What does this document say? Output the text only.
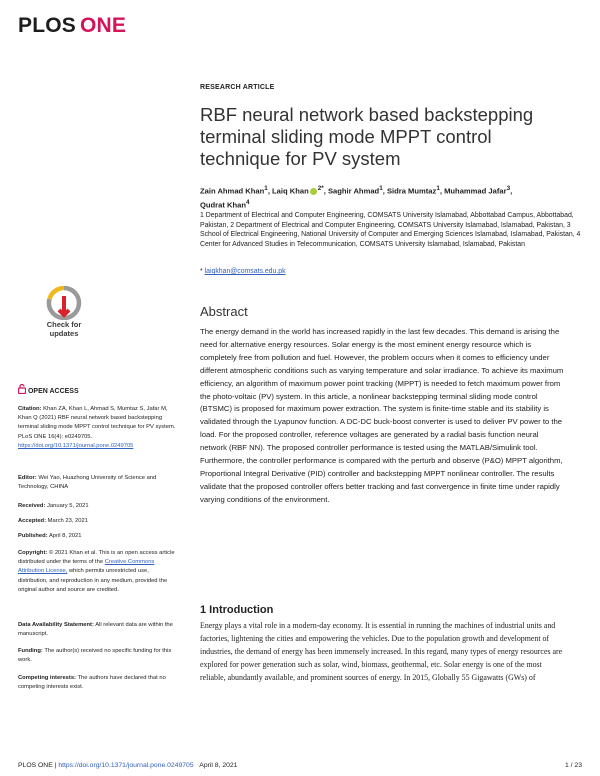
PLOS ONE
RESEARCH ARTICLE
RBF neural network based backstepping terminal sliding mode MPPT control technique for PV system
Zain Ahmad Khan$^1$, Laiq Khan $^{2*}$, Saghir Ahmad$^1$, Sidra Mumtaz$^1$, Muhammad Jafar$^3$,
Qudrat Khan$^4$
1 Department of Electrical and Computer Engineering, COMSATS University Islamabad, Abbottabad Campus, Abbottabad, Pakistan, 2 Department of Electrical and Computer Engineering, COMSATS University Islamabad, Islamabad, Pakistan, 3 School of Electrical Engineering, National University of Computer and Emerging Sciences Islamabad, Islamabad, Pakistan, 4 Center for Advanced Studies in Telecommunication, COMSATS University Islamabad, Islamabad, Pakistan
* laiqkhan@comsats.edu.pk
Check for
updates
OPEN ACCESS
Citation: Khan ZA, Khan L, Ahmad S, Mumtaz S, Jafar M, Khan Q (2021) RBF neural network based backstepping terminal sliding mode MPPT control technique for PV system. PLoS ONE 16(4): e0249705. https://doi.org/10.1371/journal.pone.0249705
Editor: Wei Yao, Huazhong University of Science and Technology, CHINA
Received: January 5, 2021
Accepted: March 23, 2021
Published: April 8, 2021
Copyright: © 2021 Khan et al. This is an open access article distributed under the terms of the Creative Commons Attribution License, which permits unrestricted use, distribution, and reproduction in any medium, provided the original author and source are credited.
Data Availability Statement: All relevant data are within the manuscript.
Funding: The author(s) received no specific funding for this work.
Competing interests: The authors have declared that no competing interests exist.
Abstract

The energy demand in the world has increased rapidly in the last few decades. This demand is arising the need for alternative energy resources. Solar energy is the most eminent energy resource which is completely free from pollution and fuel. However, the problem occurs when it comes to efficiency under different atmospheric conditions such as varying temperature and solar irradiance. To achieve its maximum efficiency, an algorithm of maximum power point tracking (MPPT) is needed to fetch maximum power from the photo-voltaic (PV) system. In this article, a nonlinear backstepping terminal sliding mode control (BTSMC) is proposed for maximum power extraction. The system is finite-time stable and its stability is validated through the Lyapunov function. A DC-DC buck-boost converter is used to deliver PV power to the load. For the proposed controller, reference voltages are generated by a radial basis function neural network (RBF NN). The proposed controller performance is tested using the MATLAB/Simulink tool. Furthermore, the controller performance is compared with the perturb and observe (P&O) MPPT algorithm, Proportional Integral Derivative (PID) controller and backstepping MPPT nonlinear controller. The results validate that the proposed controller offers better tracking and fast convergence in finite time under rapidly varying conditions of the environment.

1 Introduction

Energy plays a vital role in a modern-day economy. It is essential in running the machines of industrial units and factories, lightening the cities and empowering the vehicles. Due to the population growth and development of industries, the demand of energy has been immensely increased. In this regard, many types of energy resources are explored for power generation such as solar, wind, biomass, geothermal, etc. Solar energy is one of the most reliable, abundantly available, and prominent sources of energy. In 2015, Globally 55 Gigawatts (GWs) of

PLOS ONE | https://doi.org/10.1371/journal.pone.0249705 April 8, 2021	1 / 23
